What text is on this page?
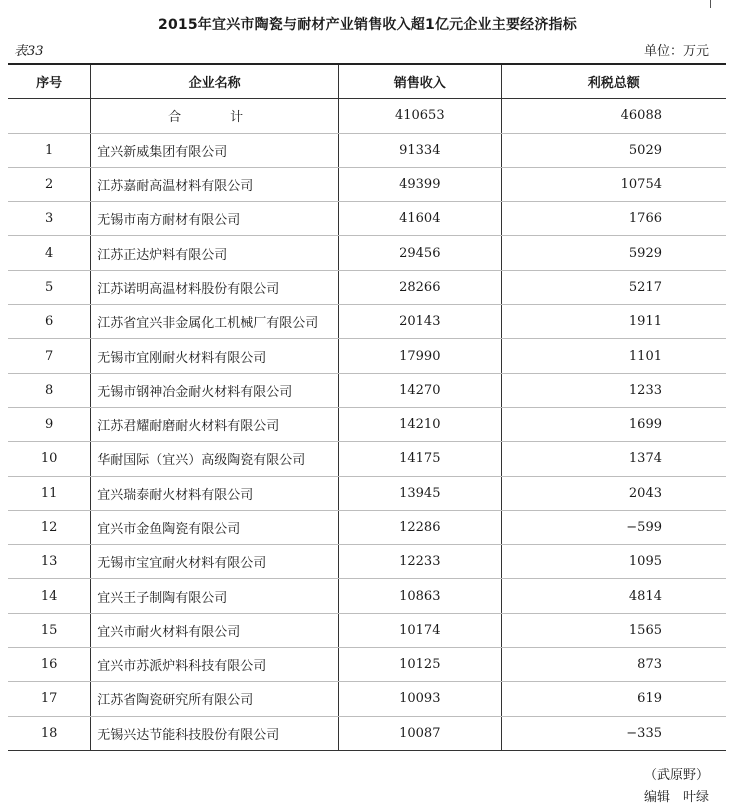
2015年宜兴市陶瓷与耐材产业销售收入超1亿元企业主要经济指标
表33	单位：万元
序号	企业名称	销售收入	利税总额
	合　计	410653	46088
1	宜兴新威集团有限公司	91334	5029
2	江苏嘉耐高温材料有限公司	49399	10754
3	无锡市南方耐材有限公司	41604	1766
4	江苏正达炉料有限公司	29456	5929
5	江苏诺明高温材料股份有限公司	28266	5217
6	江苏省宜兴非金属化工机械厂有限公司	20143	1911
7	无锡市宜刚耐火材料有限公司	17990	1101
8	无锡市钢神冶金耐火材料有限公司	14270	1233
9	江苏君耀耐磨耐火材料有限公司	14210	1699
10	华耐国际（宜兴）高级陶瓷有限公司	14175	1374
11	宜兴瑞泰耐火材料有限公司	13945	2043
12	宜兴市金鱼陶瓷有限公司	12286	−599
13	无锡市宝宜耐火材料有限公司	12233	1095
14	宜兴王子制陶有限公司	10863	4814
15	宜兴市耐火材料有限公司	10174	1565
16	宜兴市苏派炉料科技有限公司	10125	873
17	江苏省陶瓷研究所有限公司	10093	619
18	无锡兴达节能科技股份有限公司	10087	−335
（武原野）
编辑　叶绿
